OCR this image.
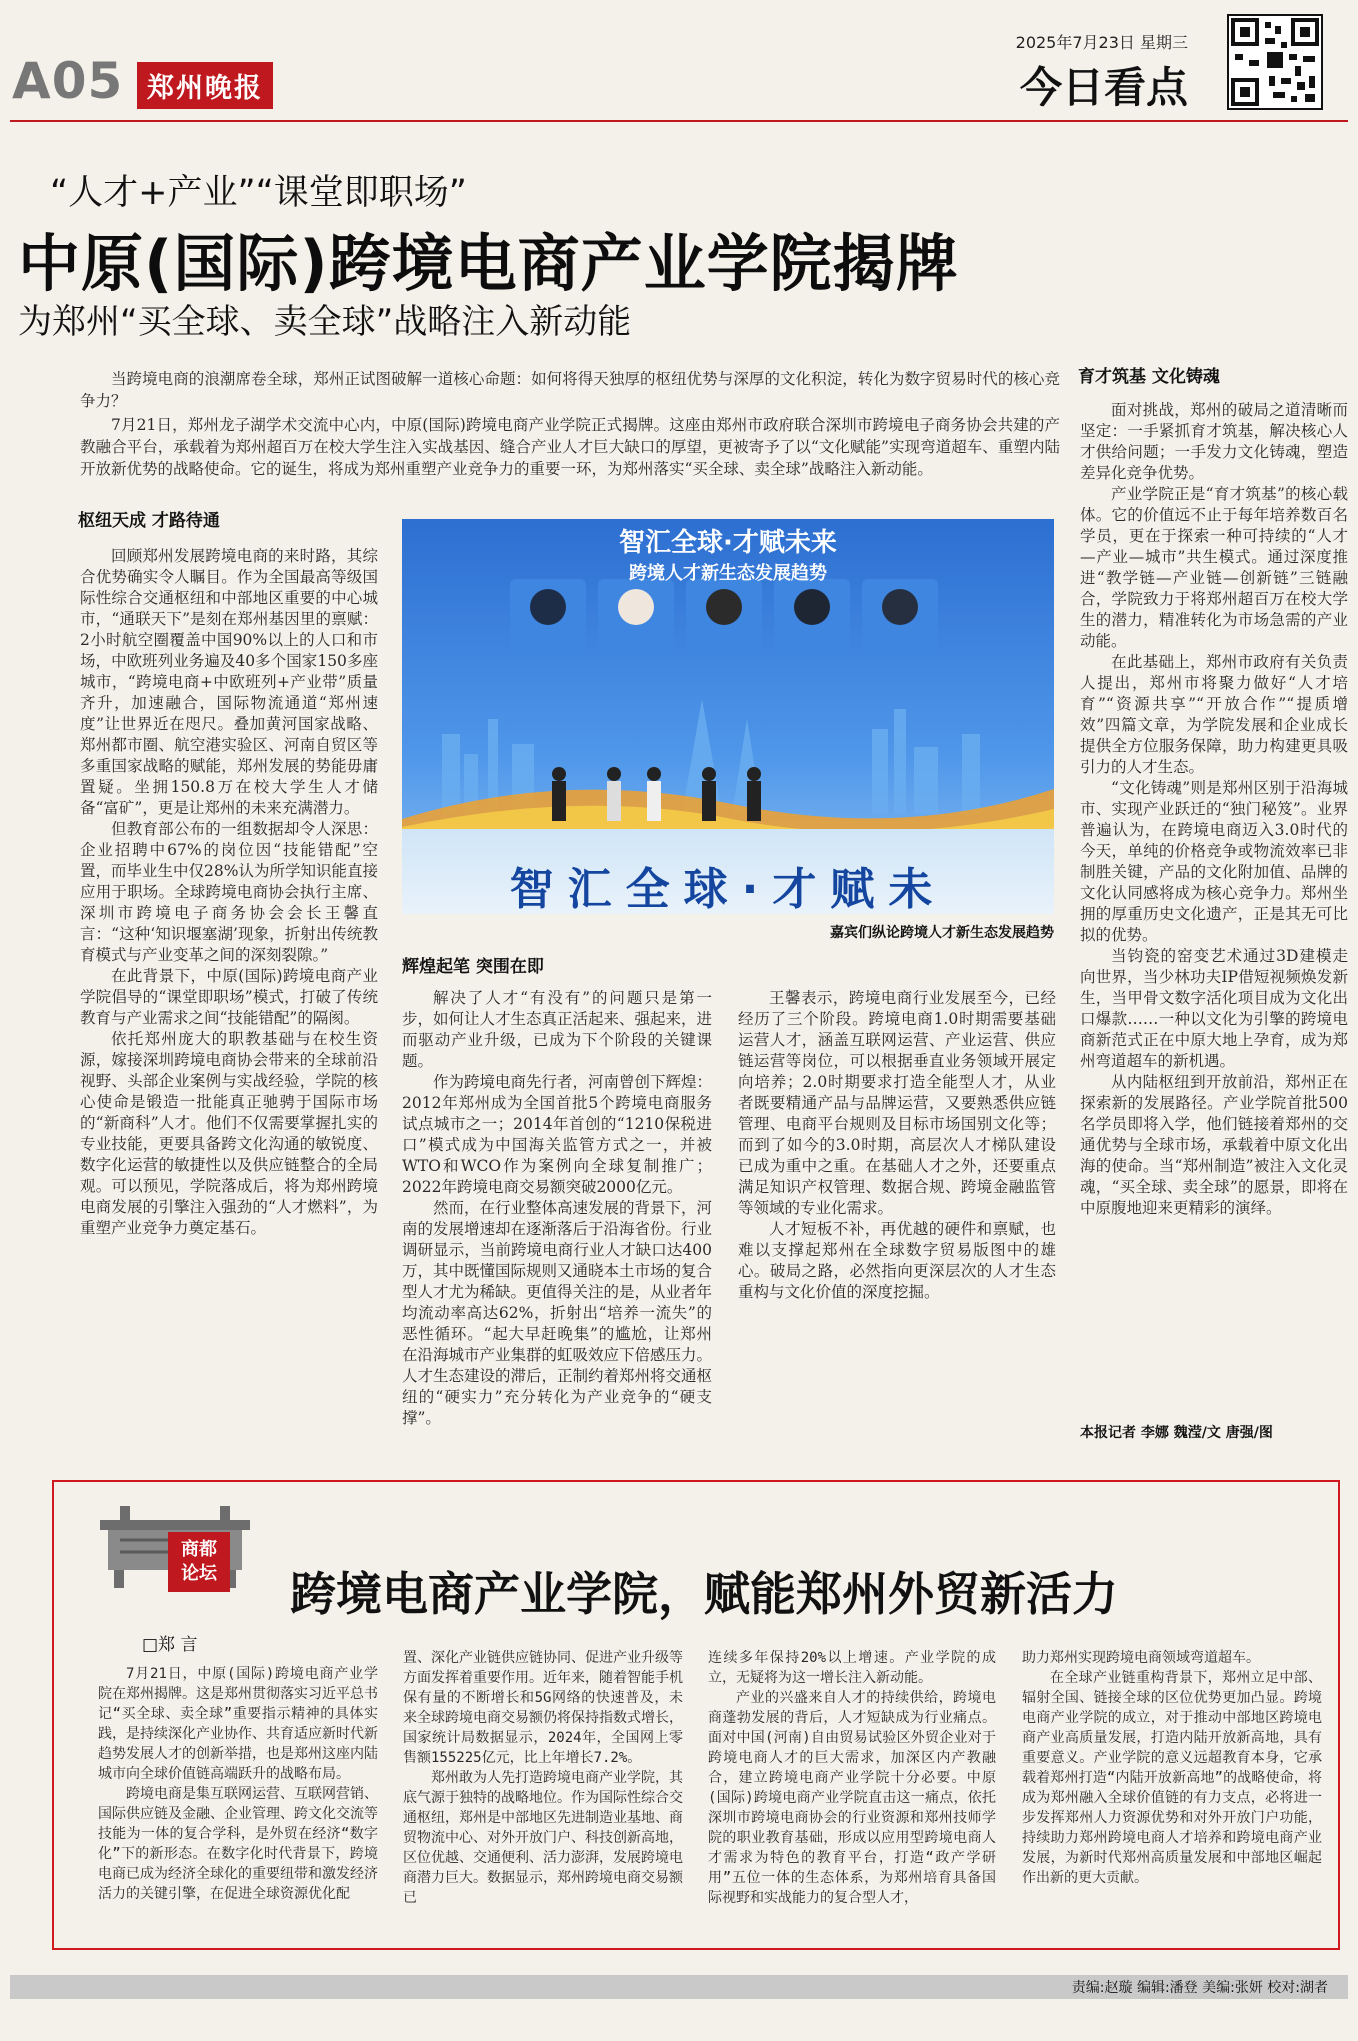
A05 郑州晚报
2025年7月23日 星期三
今日看点
“人才+产业”“课堂即职场”
中原(国际)跨境电商产业学院揭牌
为郑州“买全球、卖全球”战略注入新动能

当跨境电商的浪潮席卷全球，郑州正试图破解一道核心命题：如何将得天独厚的枢纽优势与深厚的文化积淀，转化为数字贸易时代的核心竞争力？

7月21日，郑州龙子湖学术交流中心内，中原(国际)跨境电商产业学院正式揭牌。这座由郑州市政府联合深圳市跨境电子商务协会共建的产教融合平台，承载着为郑州超百万在校大学生注入实战基因、缝合产业人才巨大缺口的厚望，更被寄予了以“文化赋能”实现弯道超车、重塑内陆开放新优势的战略使命。它的诞生，将成为郑州重塑产业竞争力的重要一环，为郑州落实“买全球、卖全球”战略注入新动能。

智汇全球·才赋未来
跨境人才新生态发展趋势
智汇全球·才赋未
嘉宾们纵论跨境人才新生态发展趋势
枢纽天成 才路待通

回顾郑州发展跨境电商的来时路，其综合优势确实令人瞩目。作为全国最高等级国际性综合交通枢纽和中部地区重要的中心城市，“通联天下”是刻在郑州基因里的禀赋：2小时航空圈覆盖中国90%以上的人口和市场，中欧班列业务遍及40多个国家150多座城市，“跨境电商+中欧班列+产业带”质量齐升，加速融合，国际物流通道“郑州速度”让世界近在咫尺。叠加黄河国家战略、郑州都市圈、航空港实验区、河南自贸区等多重国家战略的赋能，郑州发展的势能毋庸置疑。坐拥150.8万在校大学生人才储备“富矿”，更是让郑州的未来充满潜力。

但教育部公布的一组数据却令人深思：企业招聘中67%的岗位因“技能错配”空置，而毕业生中仅28%认为所学知识能直接应用于职场。全球跨境电商协会执行主席、深圳市跨境电子商务协会会长王馨直言：“这种‘知识堰塞湖’现象，折射出传统教育模式与产业变革之间的深刻裂隙。”

在此背景下，中原(国际)跨境电商产业学院倡导的“课堂即职场”模式，打破了传统教育与产业需求之间“技能错配”的隔阂。

依托郑州庞大的职教基础与在校生资源，嫁接深圳跨境电商协会带来的全球前沿视野、头部企业案例与实战经验，学院的核心使命是锻造一批能真正驰骋于国际市场的“新商科”人才。他们不仅需要掌握扎实的专业技能，更要具备跨文化沟通的敏锐度、数字化运营的敏捷性以及供应链整合的全局观。可以预见，学院落成后，将为郑州跨境电商发展的引擎注入强劲的“人才燃料”，为重塑产业竞争力奠定基石。

辉煌起笔 突围在即

解决了人才“有没有”的问题只是第一步，如何让人才生态真正活起来、强起来，进而驱动产业升级，已成为下个阶段的关键课题。

作为跨境电商先行者，河南曾创下辉煌：2012年郑州成为全国首批5个跨境电商服务试点城市之一；2014年首创的“1210保税进口”模式成为中国海关监管方式之一，并被WTO和WCO作为案例向全球复制推广；2022年跨境电商交易额突破2000亿元。

然而，在行业整体高速发展的背景下，河南的发展增速却在逐渐落后于沿海省份。行业调研显示，当前跨境电商行业人才缺口达400万，其中既懂国际规则又通晓本土市场的复合型人才尤为稀缺。更值得关注的是，从业者年均流动率高达62%，折射出“培养一流失”的恶性循环。“起大早赶晚集”的尴尬，让郑州在沿海城市产业集群的虹吸效应下倍感压力。人才生态建设的滞后，正制约着郑州将交通枢纽的“硬实力”充分转化为产业竞争的“硬支撑”。

王馨表示，跨境电商行业发展至今，已经经历了三个阶段。跨境电商1.0时期需要基础运营人才，涵盖互联网运营、产业运营、供应链运营等岗位，可以根据垂直业务领域开展定向培养；2.0时期要求打造全能型人才，从业者既要精通产品与品牌运营，又要熟悉供应链管理、电商平台规则及目标市场国别文化等；而到了如今的3.0时期，高层次人才梯队建设已成为重中之重。在基础人才之外，还要重点满足知识产权管理、数据合规、跨境金融监管等领域的专业化需求。

人才短板不补，再优越的硬件和禀赋，也难以支撑起郑州在全球数字贸易版图中的雄心。破局之路，必然指向更深层次的人才生态重构与文化价值的深度挖掘。

育才筑基 文化铸魂

面对挑战，郑州的破局之道清晰而坚定：一手紧抓育才筑基，解决核心人才供给问题；一手发力文化铸魂，塑造差异化竞争优势。

产业学院正是“育才筑基”的核心载体。它的价值远不止于每年培养数百名学员，更在于探索一种可持续的“人才—产业—城市”共生模式。通过深度推进“教学链—产业链—创新链”三链融合，学院致力于将郑州超百万在校大学生的潜力，精准转化为市场急需的产业动能。

在此基础上，郑州市政府有关负责人提出，郑州市将聚力做好“人才培育”“资源共享”“开放合作”“提质增效”四篇文章，为学院发展和企业成长提供全方位服务保障，助力构建更具吸引力的人才生态。

“文化铸魂”则是郑州区别于沿海城市、实现产业跃迁的“独门秘笈”。业界普遍认为，在跨境电商迈入3.0时代的今天，单纯的价格竞争或物流效率已非制胜关键，产品的文化附加值、品牌的文化认同感将成为核心竞争力。郑州坐拥的厚重历史文化遗产，正是其无可比拟的优势。

当钧瓷的窑变艺术通过3D建模走向世界，当少林功夫IP借短视频焕发新生，当甲骨文数字活化项目成为文化出口爆款……一种以文化为引擎的跨境电商新范式正在中原大地上孕育，成为郑州弯道超车的新机遇。

从内陆枢纽到开放前沿，郑州正在探索新的发展路径。产业学院首批500名学员即将入学，他们链接着郑州的交通优势与全球市场，承载着中原文化出海的使命。当“郑州制造”被注入文化灵魂，“买全球、卖全球”的愿景，即将在中原腹地迎来更精彩的演绎。

本报记者 李娜 魏滢/文 唐强/图
商都
论坛 跨境电商产业学院，赋能郑州外贸新活力
□郑 言

7月21日，中原(国际)跨境电商产业学院在郑州揭牌。这是郑州贯彻落实习近平总书记“买全球、卖全球”重要指示精神的具体实践，是持续深化产业协作、共育适应新时代新趋势发展人才的创新举措，也是郑州这座内陆城市向全球价值链高端跃升的战略布局。

跨境电商是集互联网运营、互联网营销、国际供应链及金融、企业管理、跨文化交流等技能为一体的复合学科，是外贸在经济“数字化”下的新形态。在数字化时代背景下，跨境电商已成为经济全球化的重要纽带和激发经济活力的关键引擎，在促进全球资源优化配

置、深化产业链供应链协同、促进产业升级等方面发挥着重要作用。近年来，随着智能手机保有量的不断增长和5G网络的快速普及，未来全球跨境电商交易额仍将保持指数式增长，国家统计局数据显示，2024年，全国网上零售额155225亿元，比上年增长7.2%。

郑州敢为人先打造跨境电商产业学院，其底气源于独特的战略地位。作为国际性综合交通枢纽，郑州是中部地区先进制造业基地、商贸物流中心、对外开放门户、科技创新高地，区位优越、交通便利、活力澎湃，发展跨境电商潜力巨大。数据显示，郑州跨境电商交易额已

连续多年保持20%以上增速。产业学院的成立，无疑将为这一增长注入新动能。

产业的兴盛来自人才的持续供给，跨境电商蓬勃发展的背后，人才短缺成为行业痛点。面对中国(河南)自由贸易试验区外贸企业对于跨境电商人才的巨大需求，加深区内产教融合，建立跨境电商产业学院十分必要。中原(国际)跨境电商产业学院直击这一痛点，依托深圳市跨境电商协会的行业资源和郑州技师学院的职业教育基础，形成以应用型跨境电商人才需求为特色的教育平台，打造“政产学研用”五位一体的生态体系，为郑州培育具备国际视野和实战能力的复合型人才，

助力郑州实现跨境电商领域弯道超车。

在全球产业链重构背景下，郑州立足中部、辐射全国、链接全球的区位优势更加凸显。跨境电商产业学院的成立，对于推动中部地区跨境电商产业高质量发展，打造内陆开放新高地，具有重要意义。产业学院的意义远超教育本身，它承载着郑州打造“内陆开放新高地”的战略使命，将成为郑州融入全球价值链的有力支点，必将进一步发挥郑州人力资源优势和对外开放门户功能，持续助力郑州跨境电商人才培养和跨境电商产业发展，为新时代郑州高质量发展和中部地区崛起作出新的更大贡献。

责编:赵璇 编辑:潘登 美编:张妍 校对:湖者
